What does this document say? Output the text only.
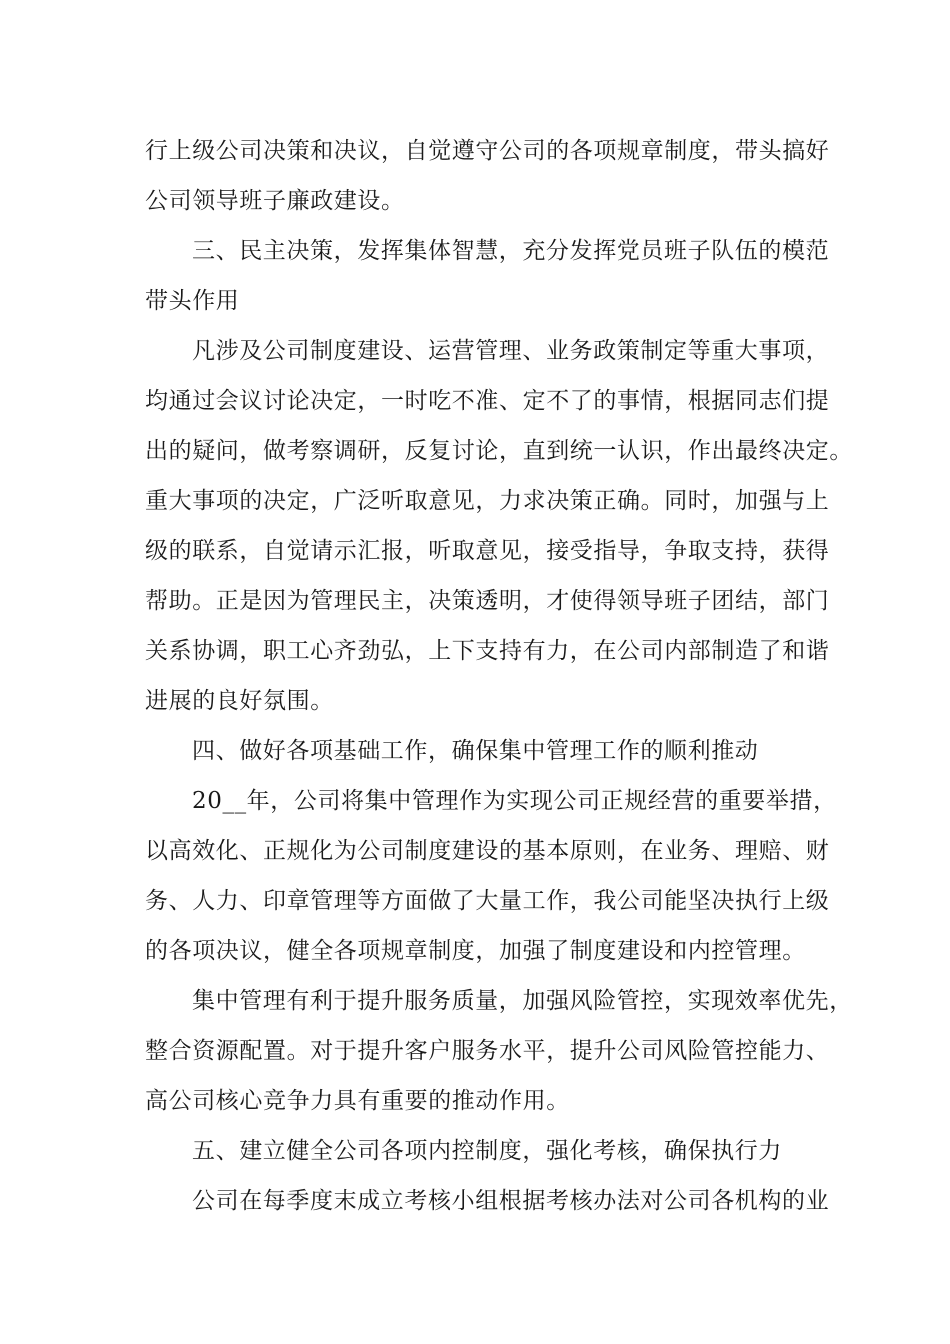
行上级公司决策和决议，自觉遵守公司的各项规章制度，带头搞好
公司领导班子廉政建设。
三、民主决策，发挥集体智慧，充分发挥党员班子队伍的模范
带头作用
凡涉及公司制度建设、运营管理、业务政策制定等重大事项，
均通过会议讨论决定，一时吃不准、定不了的事情，根据同志们提
出的疑问，做考察调研，反复讨论，直到统一认识，作出最终决定。
重大事项的决定，广泛听取意见，力求决策正确。同时，加强与上
级的联系，自觉请示汇报，听取意见，接受指导，争取支持，获得
帮助。正是因为管理民主，决策透明，才使得领导班子团结，部门
关系协调，职工心齐劲弘，上下支持有力，在公司内部制造了和谐
进展的良好氛围。
四、做好各项基础工作，确保集中管理工作的顺利推动
20__年，公司将集中管理作为实现公司正规经营的重要举措，
以高效化、正规化为公司制度建设的基本原则，在业务、理赔、财
务、人力、印章管理等方面做了大量工作，我公司能坚决执行上级
的各项决议，健全各项规章制度，加强了制度建设和内控管理。
集中管理有利于提升服务质量，加强风险管控，实现效率优先，
整合资源配置。对于提升客户服务水平，提升公司风险管控能力、
高公司核心竞争力具有重要的推动作用。
五、建立健全公司各项内控制度，强化考核，确保执行力
公司在每季度末成立考核小组根据考核办法对公司各机构的业
